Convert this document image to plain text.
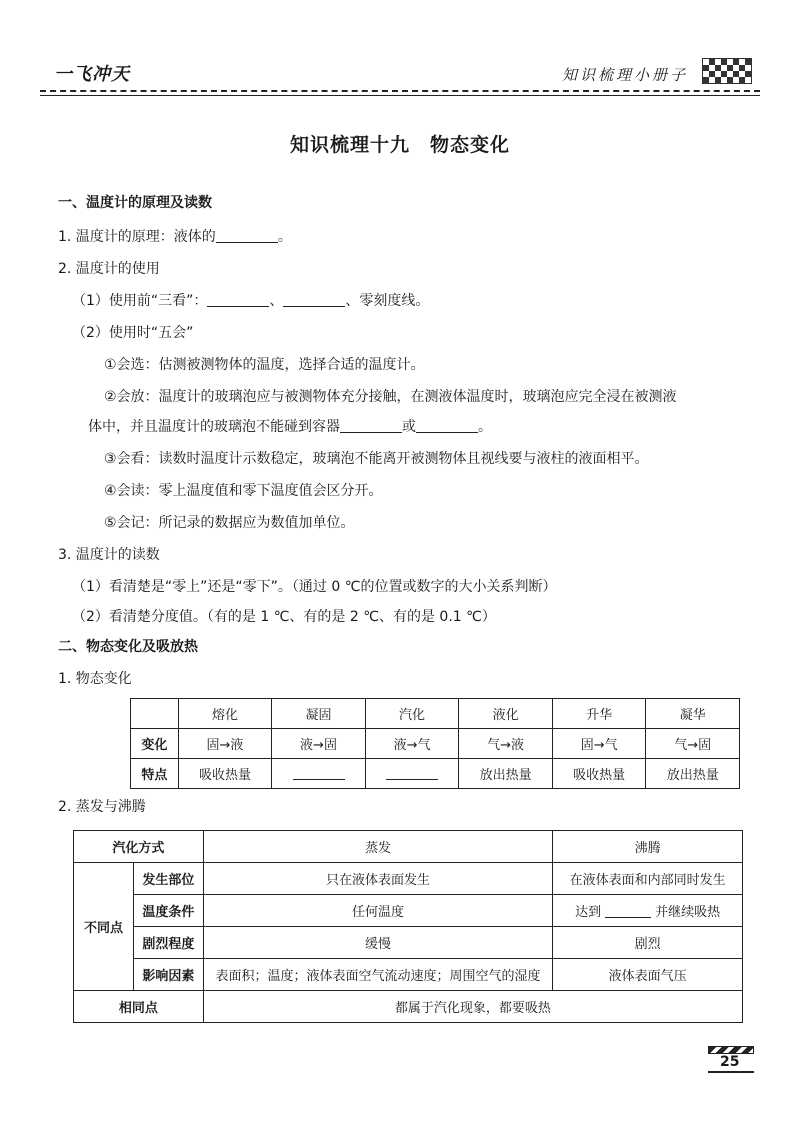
一飞冲天	知识梳理小册子
知识梳理十九　物态变化
一、温度计的原理及读数
1. 温度计的原理：液体的	。
2. 温度计的使用
（1）使用前“三看”：	、	、零刻度线。
（2）使用时“五会”
①会选：估测被测物体的温度，选择合适的温度计。
②会放：温度计的玻璃泡应与被测物体充分接触，在测液体温度时，玻璃泡应完全浸在被测液
体中，并且温度计的玻璃泡不能碰到容器	或	。
③会看：读数时温度计示数稳定，玻璃泡不能离开被测物体且视线要与液柱的液面相平。
④会读：零上温度值和零下温度值会区分开。
⑤会记：所记录的数据应为数值加单位。
3. 温度计的读数
（1）看清楚是“零上”还是“零下”。（通过 0 ℃的位置或数字的大小关系判断）
（2）看清楚分度值。（有的是 1 ℃、有的是 2 ℃、有的是 0.1 ℃）
二、物态变化及吸放热
1. 物态变化
	熔化	凝固	汽化	液化	升华	凝华
变化	固→液	液→固	液→气	气→液	固→气	气→固
特点	吸收热量			放出热量	吸收热量	放出热量
2. 蒸发与沸腾
汽化方式		蒸发	沸腾
不同点	发生部位	只在液体表面发生	在液体表面和内部同时发生
	温度条件	任何温度	达到 并继续吸热
	剧烈程度	缓慢	剧烈
	影响因素	表面积；温度；液体表面空气流动速度；周围空气的湿度	液体表面气压
相同点		都属于汽化现象，都要吸热	
25
